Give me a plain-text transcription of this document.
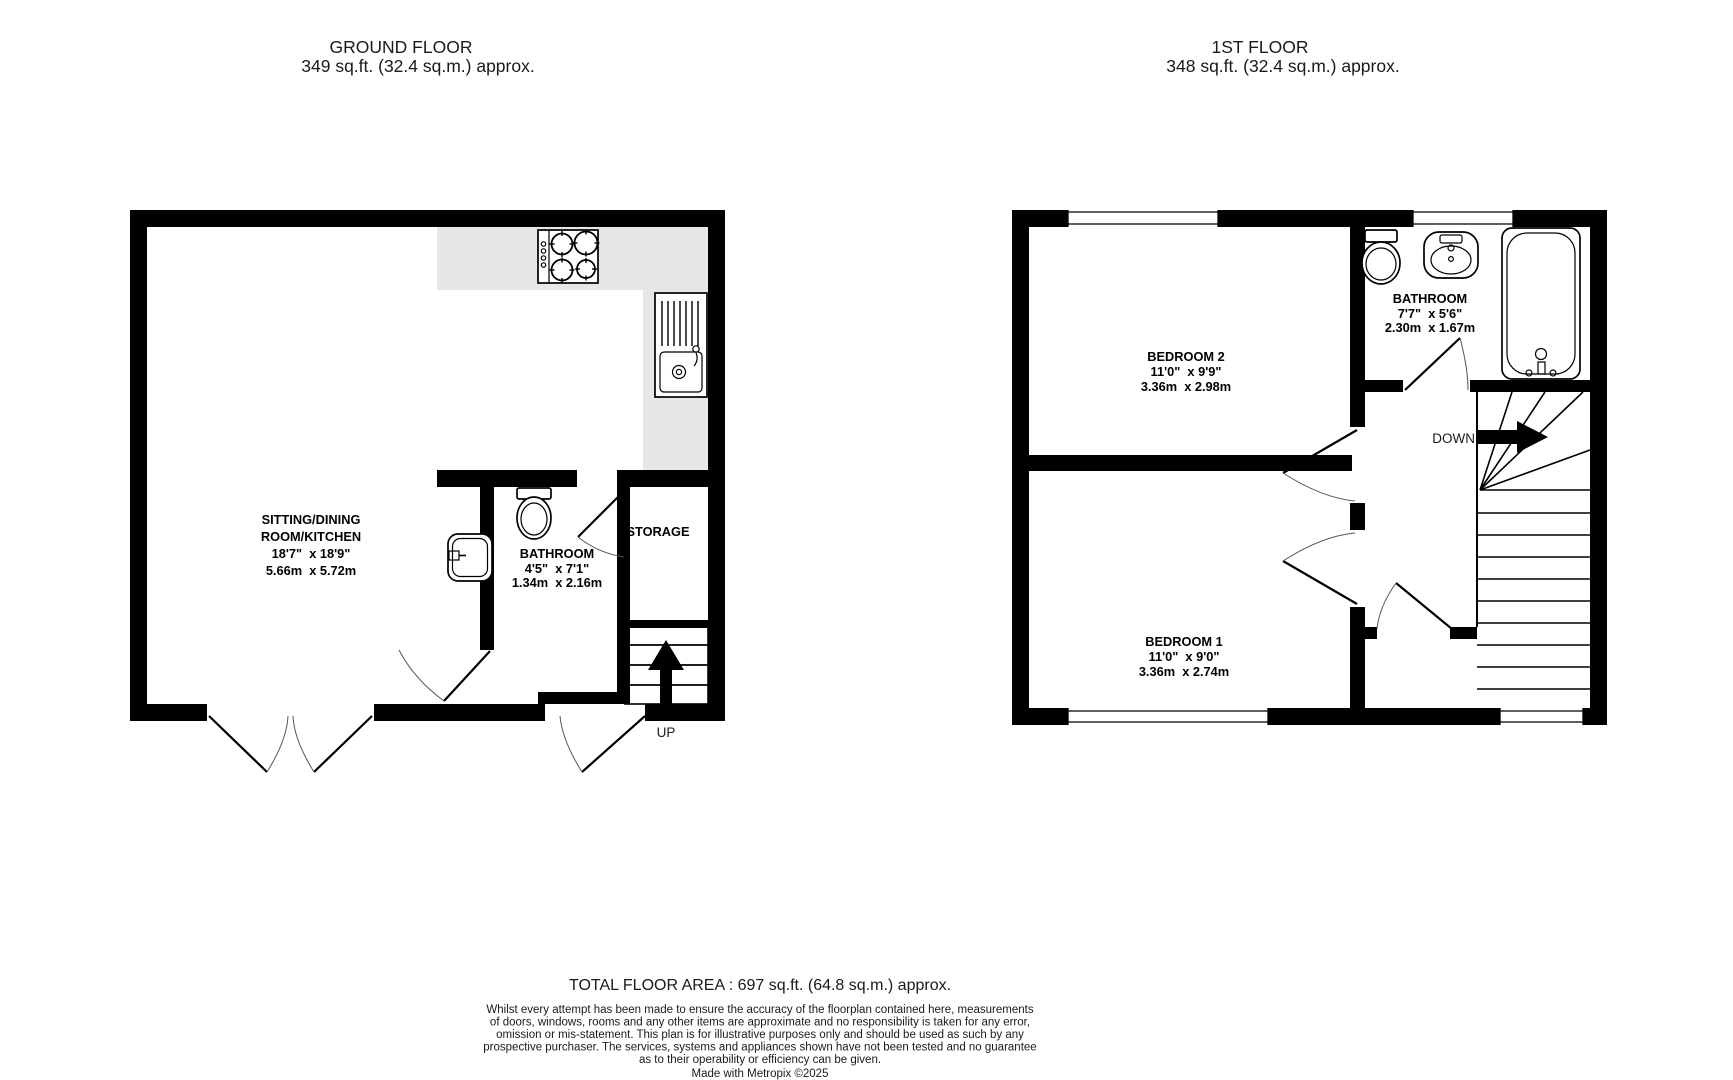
GROUND FLOOR
349 sq.ft. (32.4 sq.m.) approx.
UP
SITTING/DINING
ROOM/KITCHEN
18'7"  x 18'9"
5.66m  x 5.72m
BATHROOM
4'5"  x 7'1"
1.34m  x 2.16m
STORAGE
1ST FLOOR
348 sq.ft. (32.4 sq.m.) approx.
DOWN
BEDROOM 2
11'0"  x 9'9"
3.36m  x 2.98m
BATHROOM
7'7"  x 5'6"
2.30m  x 1.67m
BEDROOM 1
11'0"  x 9'0"
3.36m  x 2.74m
TOTAL FLOOR AREA : 697 sq.ft. (64.8 sq.m.) approx.
Whilst every attempt has been made to ensure the accuracy of the floorplan contained here, measurements
of doors, windows, rooms and any other items are approximate and no responsibility is taken for any error,
omission or mis-statement. This plan is for illustrative purposes only and should be used as such by any
prospective purchaser. The services, systems and appliances shown have not been tested and no guarantee
as to their operability or efficiency can be given.
Made with Metropix ©2025
